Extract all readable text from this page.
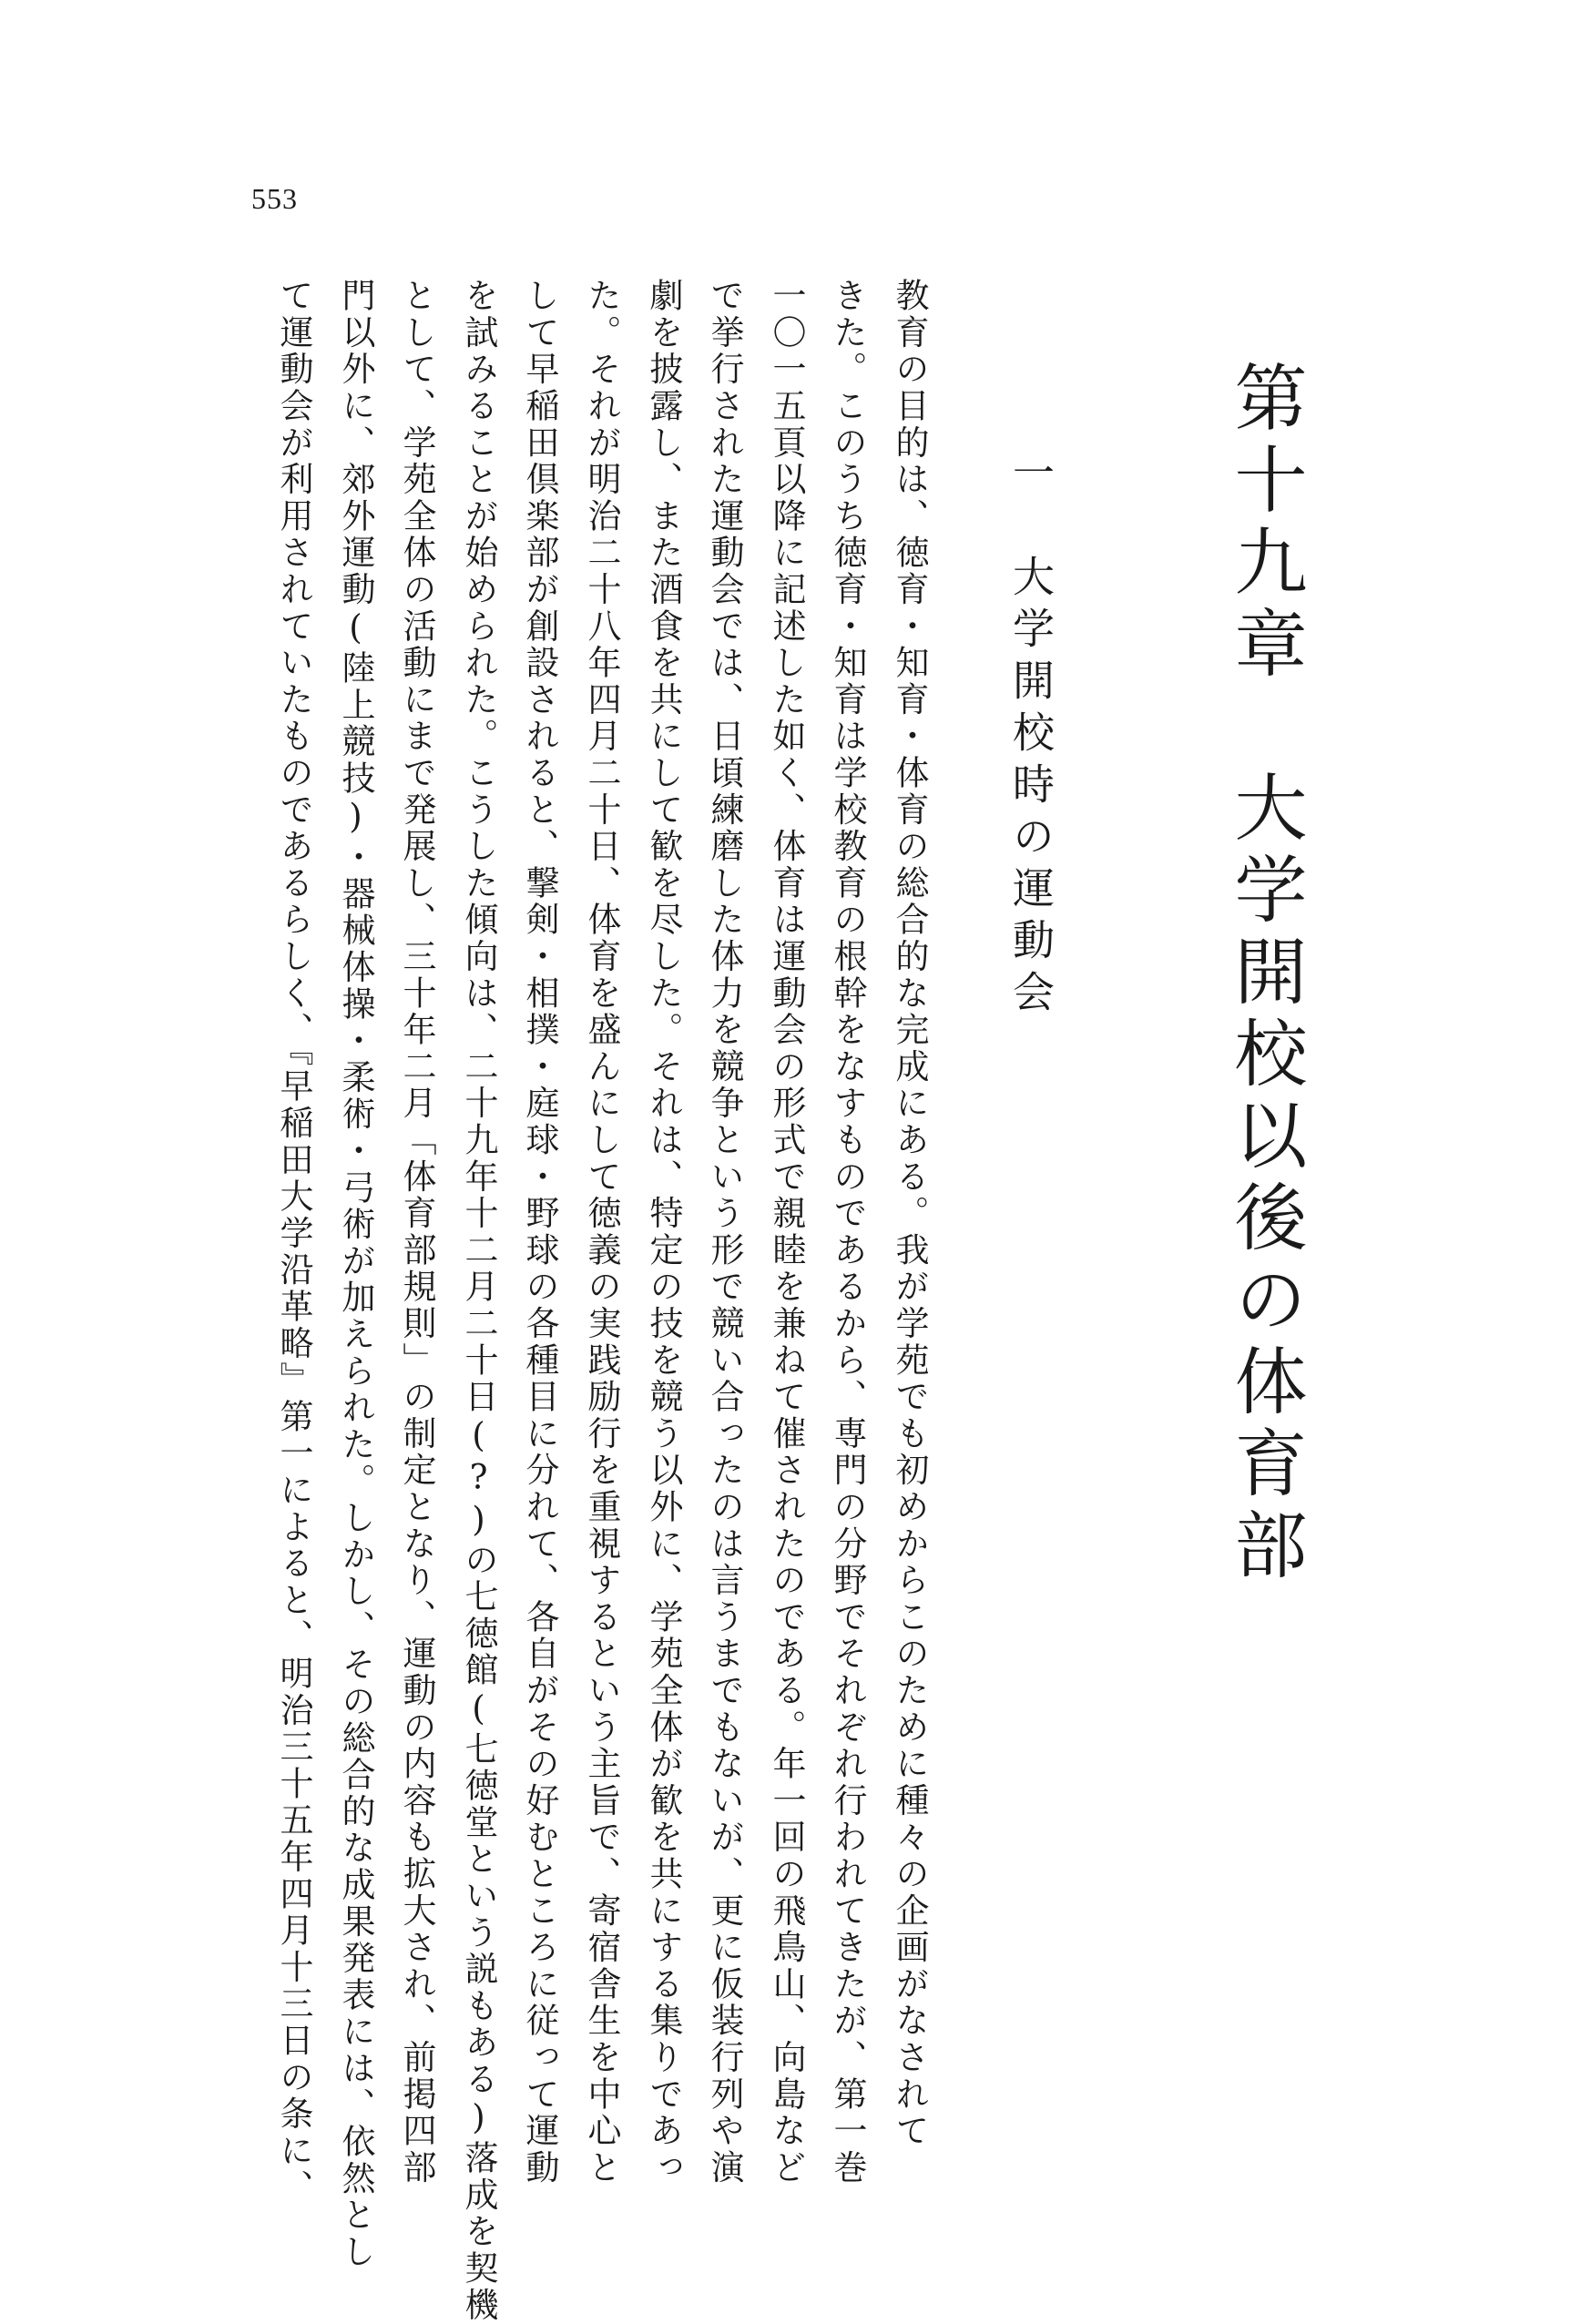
553
第十九章　大学開校以後の体育部
一　大学開校時の運動会
教育の目的は、徳育・知育・体育の総合的な完成にある。我が学苑でも初めからこのために種々の企画がなされて
きた。このうち徳育・知育は学校教育の根幹をなすものであるから、専門の分野でそれぞれ行われてきたが、第一巻
一〇一五頁以降に記述した如く、体育は運動会の形式で親睦を兼ねて催されたのである。年一回の飛鳥山、向島など
で挙行された運動会では、日頃練磨した体力を競争という形で競い合ったのは言うまでもないが、更に仮装行列や演
劇を披露し、また酒食を共にして歓を尽した。それは、特定の技を競う以外に、学苑全体が歓を共にする集りであっ
た。それが明治二十八年四月二十日、体育を盛んにして徳義の実践励行を重視するという主旨で、寄宿舎生を中心と
して早稲田倶楽部が創設されると、撃剣・相撲・庭球・野球の各種目に分れて、各自がその好むところに従って運動
を試みることが始められた。こうした傾向は、二十九年十二月二十日(?)の七徳館(七徳堂という説もある)落成を契機
として、学苑全体の活動にまで発展し、三十年二月「体育部規則」の制定となり、運動の内容も拡大され、前掲四部
門以外に、郊外運動(陸上競技)・器械体操・柔術・弓術が加えられた。しかし、その総合的な成果発表には、依然とし
て運動会が利用されていたものであるらしく、『早稲田大学沿革略』第一によると、明治三十五年四月十三日の条に、
